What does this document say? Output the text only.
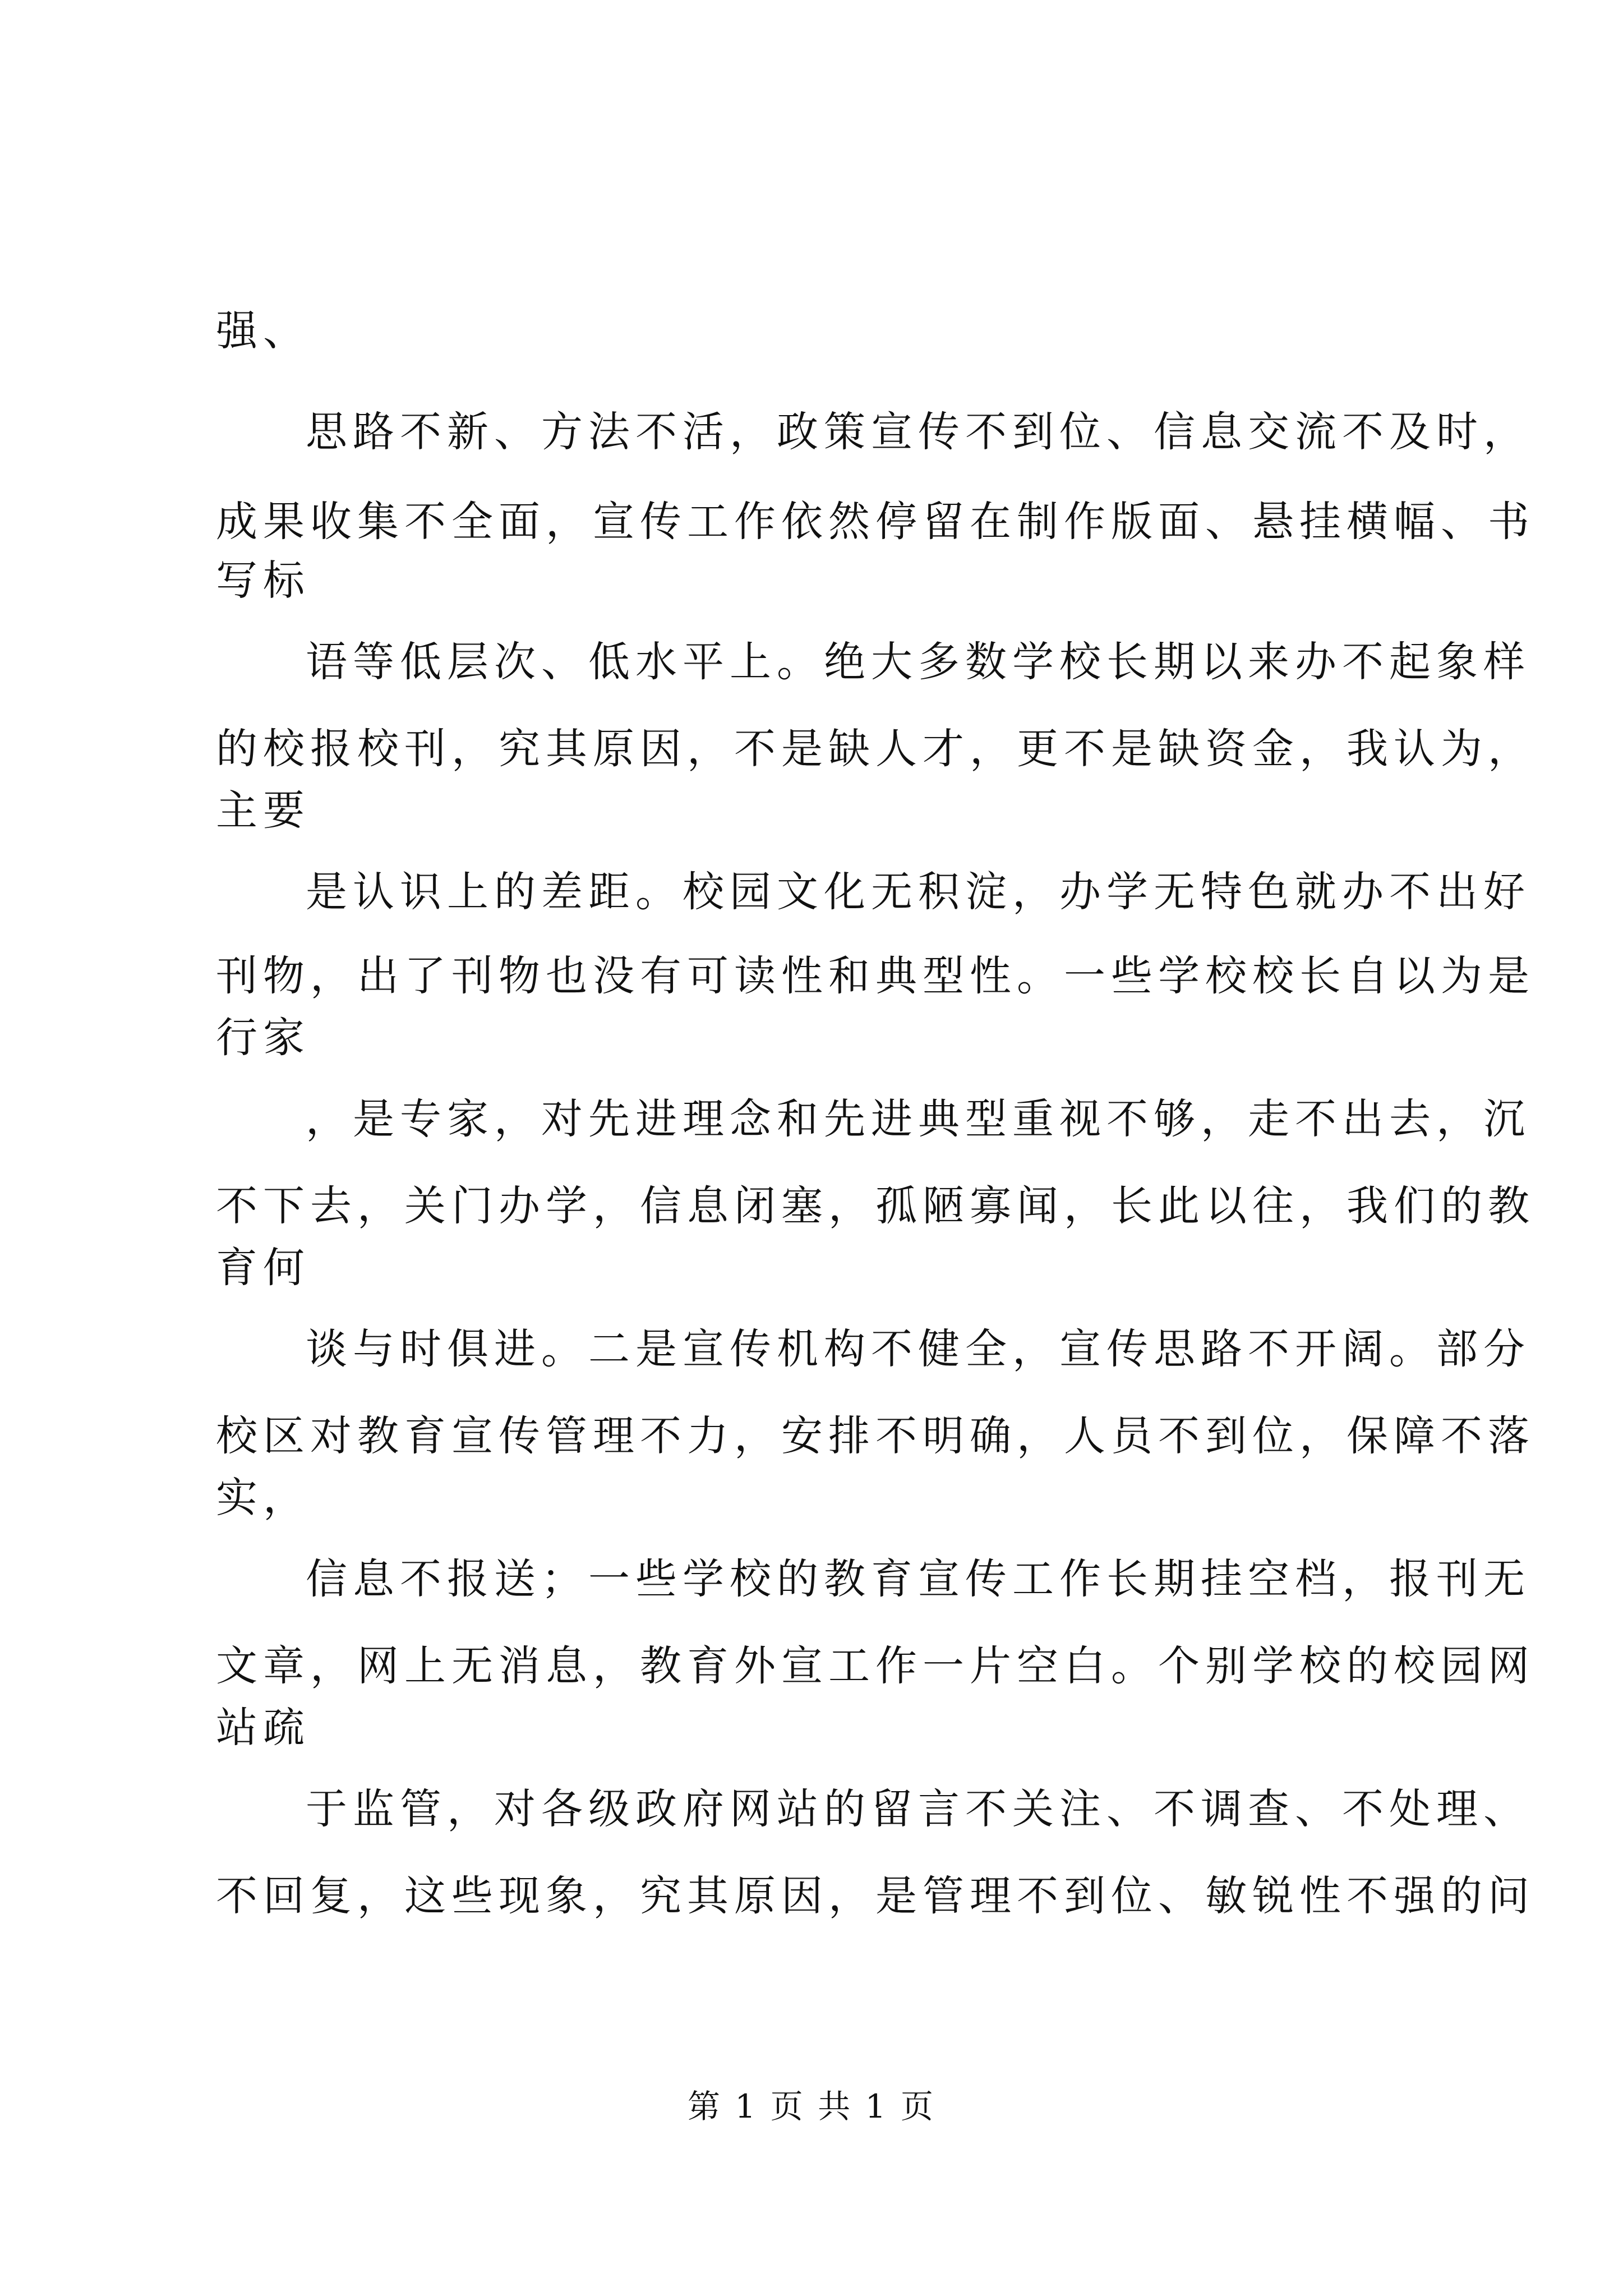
强、
思路不新、方法不活，政策宣传不到位、信息交流不及时，
成果收集不全面，宣传工作依然停留在制作版面、悬挂横幅、书
写标
语等低层次、低水平上。绝大多数学校长期以来办不起象样
的校报校刊，究其原因，不是缺人才，更不是缺资金，我认为，
主要
是认识上的差距。校园文化无积淀，办学无特色就办不出好
刊物，出了刊物也没有可读性和典型性。一些学校校长自以为是
行家
，是专家，对先进理念和先进典型重视不够，走不出去，沉
不下去，关门办学，信息闭塞，孤陋寡闻，长此以往，我们的教
育何
谈与时俱进。二是宣传机构不健全，宣传思路不开阔。部分
校区对教育宣传管理不力，安排不明确，人员不到位，保障不落
实，
信息不报送；一些学校的教育宣传工作长期挂空档，报刊无
文章，网上无消息，教育外宣工作一片空白。个别学校的校园网
站疏
于监管，对各级政府网站的留言不关注、不调查、不处理、
不回复，这些现象，究其原因，是管理不到位、敏锐性不强的问
第 1 页 共 1 页
